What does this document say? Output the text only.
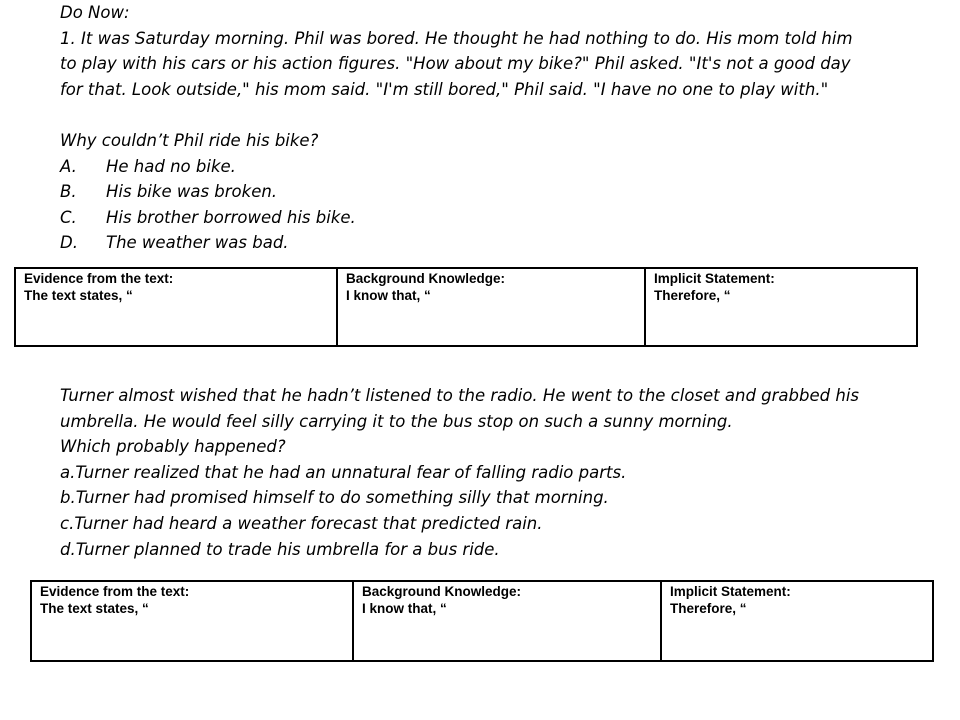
Do Now:
1. It was Saturday morning. Phil was bored. He thought he had nothing to do. His mom told him
to play with his cars or his action figures. "How about my bike?" Phil asked. "It's not a good day
for that. Look outside," his mom said. "I'm still bored," Phil said. "I have no one to play with."
Why couldn’t Phil ride his bike?
A. He had no bike.
B. His bike was broken.
C. His brother borrowed his bike.
D. The weather was bad.
Evidence from the text:
The text states, “

Background Knowledge:
I know that, “

Implicit Statement:
Therefore, “
Turner almost wished that he hadn’t listened to the radio. He went to the closet and grabbed his
umbrella. He would feel silly carrying it to the bus stop on such a sunny morning.
Which probably happened?
a.Turner realized that he had an unnatural fear of falling radio parts.
b.Turner had promised himself to do something silly that morning.
c.Turner had heard a weather forecast that predicted rain.
d.Turner planned to trade his umbrella for a bus ride.
Evidence from the text:
The text states, “

Background Knowledge:
I know that, “

Implicit Statement:
Therefore, “
